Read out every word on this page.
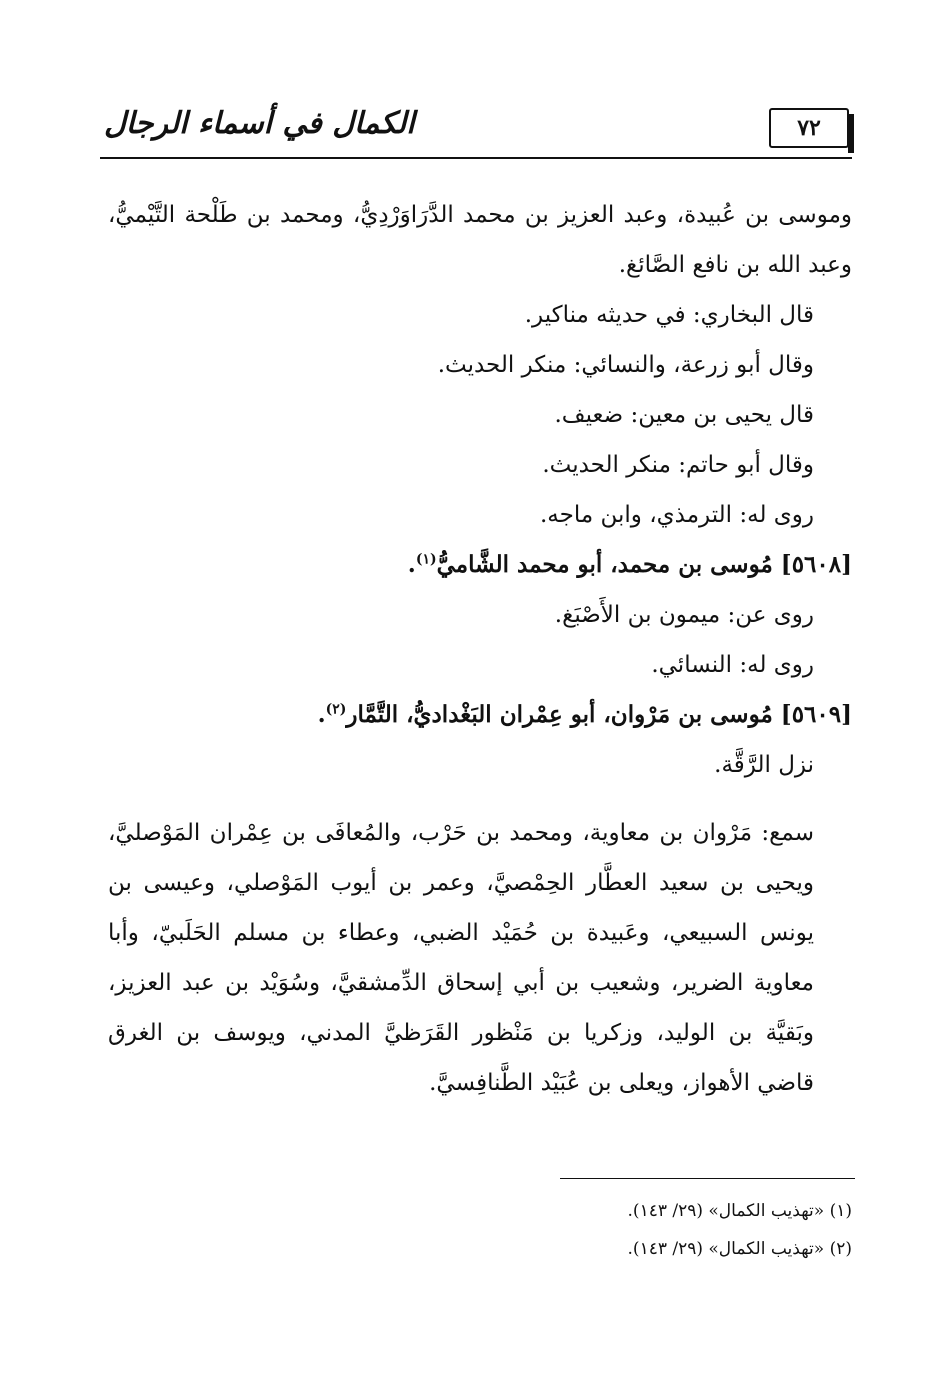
٧٢
الكمال في أسماء الرجال

وموسى بن عُبيدة، وعبد العزيز بن محمد الدَّرَاوَرْدِيُّ، ومحمد بن طَلْحة التَّيْميُّ، وعبد الله بن نافع الصَّائغ.

قال البخاري: في حديثه مناكير.

وقال أبو زرعة، والنسائي: منكر الحديث.

قال يحيى بن معين: ضعيف.

وقال أبو حاتم: منكر الحديث.

روى له: الترمذي، وابن ماجه.

[٥٦٠٨] مُوسى بن محمد، أبو محمد الشَّاميُّ$^{(١)}$.

روى عن: ميمون بن الأَصْبَغ.

روى له: النسائي.

[٥٦٠٩] مُوسى بن مَرْوان، أبو عِمْران البَغْداديُّ، التَّمَّار$^{(٢)}$.

نزل الرَّقَّة.

سمع: مَرْوان بن معاوية، ومحمد بن حَرْب، والمُعافَى بن عِمْران المَوْصليَّ، ويحيى بن سعيد العطَّار الحِمْصيَّ، وعمر بن أيوب المَوْصلي، وعيسى بن يونس السبيعي، وعَبيدة بن حُمَيْد الضبي، وعطاء بن مسلم الحَلَبيّ، وأبا معاوية الضرير، وشعيب بن أبي إسحاق الدِّمشقيَّ، وسُوَيْد بن عبد العزيز، وبَقيَّة بن الوليد، وزكريا بن مَنْظور القَرَظيَّ المدني، ويوسف بن الغرق قاضي الأهواز، ويعلى بن عُبَيْد الطَّنافِسيَّ.

(١) «تهذيب الكمال» (٢٩/ ١٤٣).

(٢) «تهذيب الكمال» (٢٩/ ١٤٣).
